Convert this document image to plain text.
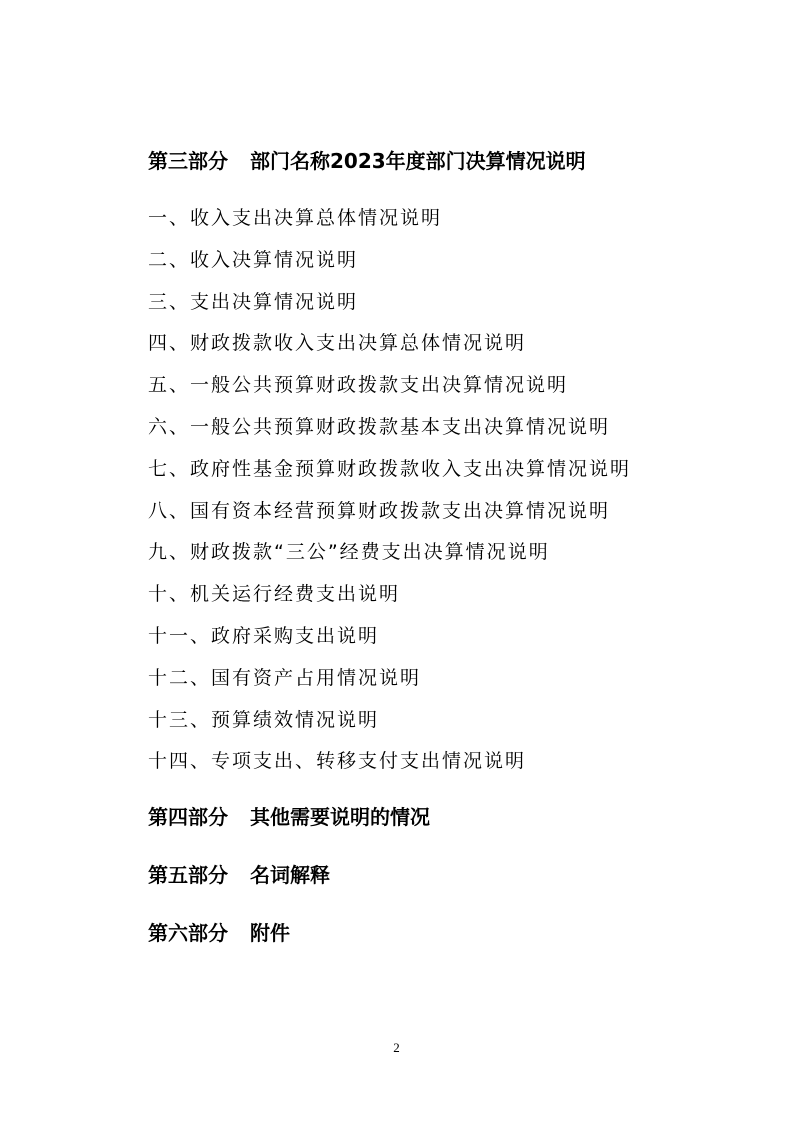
第三部分 部门名称2023年度部门决算情况说明
一、收入支出决算总体情况说明
二、收入决算情况说明
三、支出决算情况说明
四、财政拨款收入支出决算总体情况说明
五、一般公共预算财政拨款支出决算情况说明
六、一般公共预算财政拨款基本支出决算情况说明
七、政府性基金预算财政拨款收入支出决算情况说明
八、国有资本经营预算财政拨款支出决算情况说明
九、财政拨款“三公”经费支出决算情况说明
十、机关运行经费支出说明
十一、政府采购支出说明
十二、国有资产占用情况说明
十三、预算绩效情况说明
十四、专项支出、转移支付支出情况说明
第四部分 其他需要说明的情况
第五部分 名词解释
第六部分 附件
2
